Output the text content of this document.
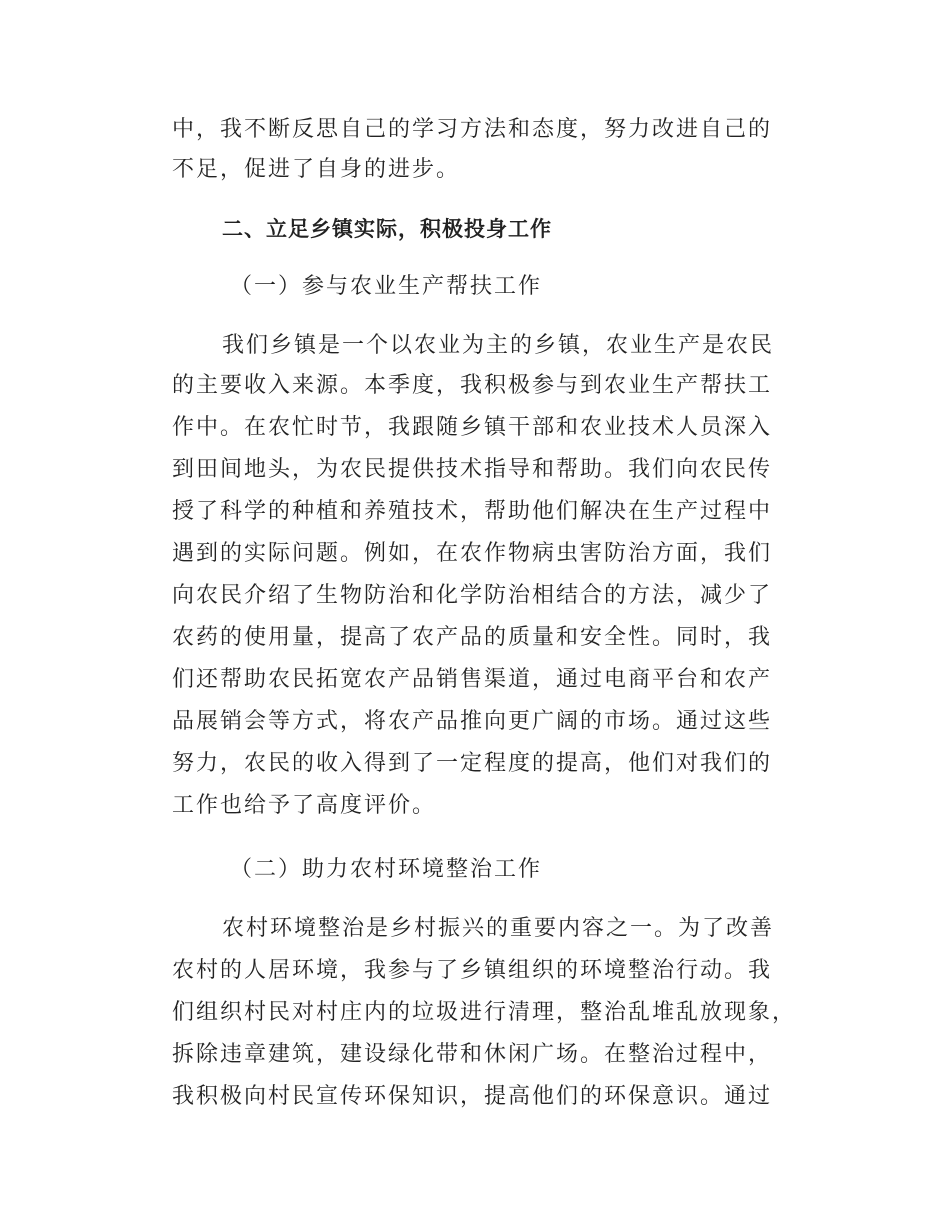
中，我不断反思自己的学习方法和态度，努力改进自己的
不足，促进了自身的进步。
二、立足乡镇实际，积极投身工作
（一）参与农业生产帮扶工作
我们乡镇是一个以农业为主的乡镇，农业生产是农民
的主要收入来源。本季度，我积极参与到农业生产帮扶工
作中。在农忙时节，我跟随乡镇干部和农业技术人员深入
到田间地头，为农民提供技术指导和帮助。我们向农民传
授了科学的种植和养殖技术，帮助他们解决在生产过程中
遇到的实际问题。例如，在农作物病虫害防治方面，我们
向农民介绍了生物防治和化学防治相结合的方法，减少了
农药的使用量，提高了农产品的质量和安全性。同时，我
们还帮助农民拓宽农产品销售渠道，通过电商平台和农产
品展销会等方式，将农产品推向更广阔的市场。通过这些
努力，农民的收入得到了一定程度的提高，他们对我们的
工作也给予了高度评价。
（二）助力农村环境整治工作
农村环境整治是乡村振兴的重要内容之一。为了改善
农村的人居环境，我参与了乡镇组织的环境整治行动。我
们组织村民对村庄内的垃圾进行清理，整治乱堆乱放现象，
拆除违章建筑，建设绿化带和休闲广场。在整治过程中，
我积极向村民宣传环保知识，提高他们的环保意识。通过
